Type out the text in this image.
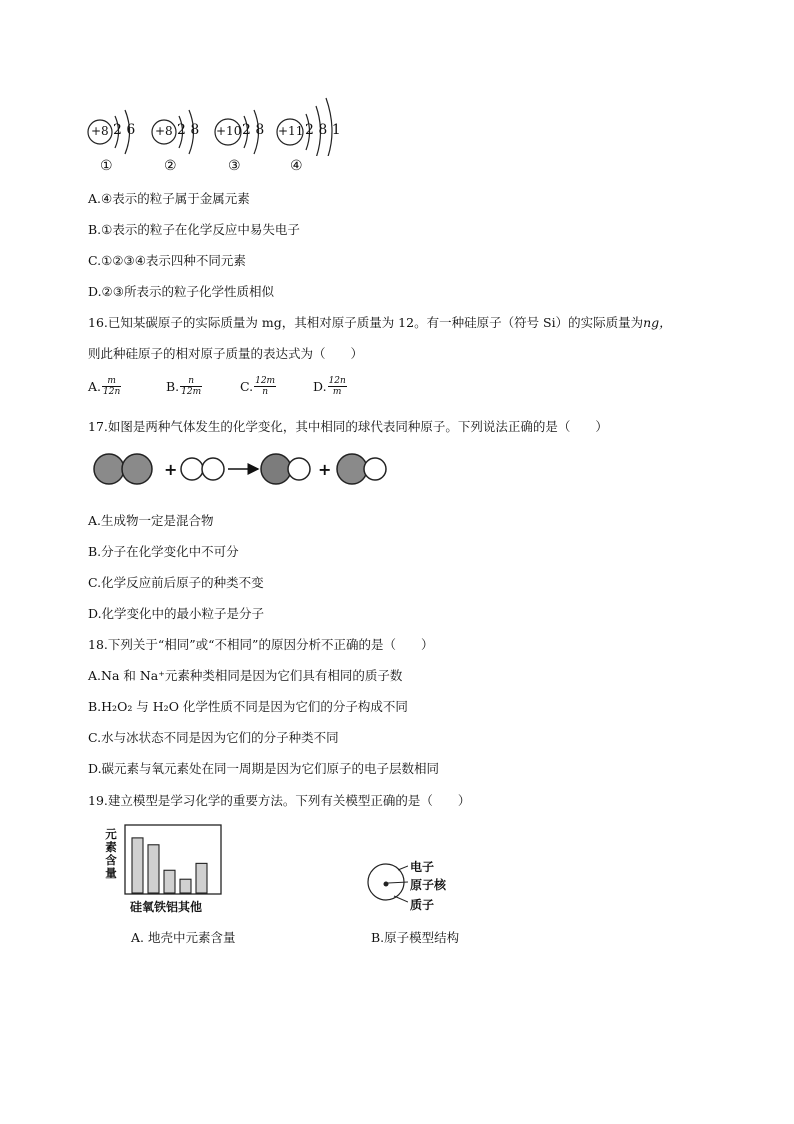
+8 2 6 +8 2 8 +10 2 8 +11 2 8 1
①	②	③	④
A.④表示的粒子属于金属元素
B.①表示的粒子在化学反应中易失电子
C.①②③④表示四种不同元素
D.②③所表示的粒子化学性质相似
16.已知某碳原子的实际质量为 mg，其相对原子质量为 12。有一种硅原子（符号 Si）的实际质量为ng，
则此种硅原子的相对原子质量的表达式为（　　）
A. $\frac{m}{12n}$	B. $\frac{n}{12m}$	C. $\frac{12m}{n}$	D. $\frac{12n}{m}$
17.如图是两种气体发生的化学变化，其中相同的球代表同种原子。下列说法正确的是（　　）
+	+
A.生成物一定是混合物
B.分子在化学变化中不可分
C.化学反应前后原子的种类不变
D.化学变化中的最小粒子是分子
18.下列关于“相同”或“不相同”的原因分析不正确的是（　　）
A.Na 和 Na⁺元素种类相同是因为它们具有相同的质子数
B.H₂O₂ 与 H₂O 化学性质不同是因为它们的分子构成不同
C.水与冰状态不同是因为它们的分子种类不同
D.碳元素与氧元素处在同一周期是因为它们原子的电子层数相同
19.建立模型是学习化学的重要方法。下列有关模型正确的是（　　）
元
素
含
量
硅氧铁铝其他
A. 地壳中元素含量
电子
原子核
质子
B.原子模型结构
